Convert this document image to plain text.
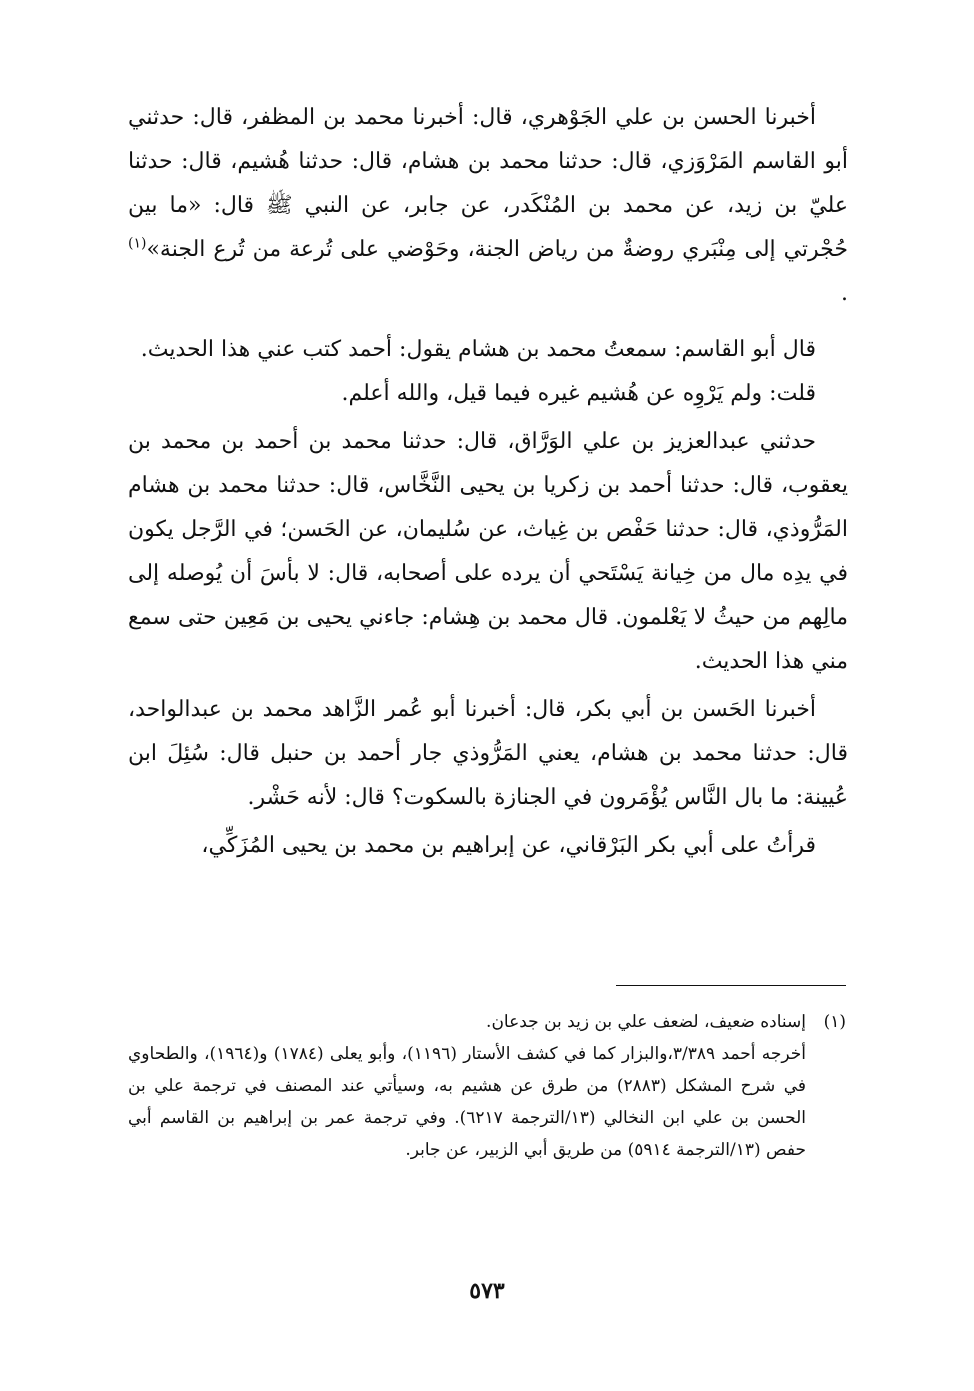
أخبرنا الحسن بن علي الجَوْهري، قال: أخبرنا محمد بن المظفر، قال: حدثني أبو القاسم المَرْوَزي، قال: حدثنا محمد بن هشام، قال: حدثنا هُشيم، قال: حدثنا عليّ بن زيد، عن محمد بن المُنْكَدر، عن جابر، عن النبي ﷺ قال: «ما بين حُجْرتي إلى مِنْبَري روضةٌ من رياض الجنة، وحَوْضي على تُرعة من تُرع الجنة»$^{(١)}$ .

قال أبو القاسم: سمعتُ محمد بن هشام يقول: أحمد كتب عني هذا الحديث.

قلت: ولم يَرْوِه عن هُشيم غيره فيما قيل، والله أعلم.

حدثني عبدالعزيز بن علي الوَرَّاق، قال: حدثنا محمد بن أحمد بن محمد بن يعقوب، قال: حدثنا أحمد بن زكريا بن يحيى النَّخَّاس، قال: حدثنا محمد بن هشام المَرُّوذي، قال: حدثنا حَفْص بن غِياث، عن سُليمان، عن الحَسن؛ في الرَّجل يكون في يدِه مال من خِيانة يَسْتَحي أن يرده على أصحابه، قال: لا بأسَ أن يُوصله إلى مالِهم من حيثُ لا يَعْلمون. قال محمد بن هِشام: جاءني يحيى بن مَعِين حتى سمع مني هذا الحديث.

أخبرنا الحَسن بن أبي بكر، قال: أخبرنا أبو عُمر الزَّاهد محمد بن عبدالواحد، قال: حدثنا محمد بن هشام، يعني المَرُّوذي جار أحمد بن حنبل قال: سُئِلَ ابن عُيينة: ما بال النَّاس يُؤْمَرون في الجنازة بالسكوت؟ قال: لأنه حَشْر.

قرأتُ على أبي بكر البَرْقاني، عن إبراهيم بن محمد بن يحيى المُزَكِّي،

(١)
إسناده ضعيف، لضعف علي بن زيد بن جدعان.
أخرجه أحمد ٣/٣٨٩،والبزار كما في كشف الأستار (١١٩٦)، وأبو يعلى (١٧٨٤) و(١٩٦٤)، والطحاوي في شرح المشكل (٢٨٨٣) من طرق عن هشيم به، وسيأتي عند المصنف في ترجمة علي بن الحسن بن علي ابن النخالي (١٣/الترجمة ٦٢١٧). وفي ترجمة عمر بن إبراهيم بن القاسم أبي حفص (١٣/الترجمة ٥٩١٤) من طريق أبي الزبير، عن جابر.
٥٧٣
